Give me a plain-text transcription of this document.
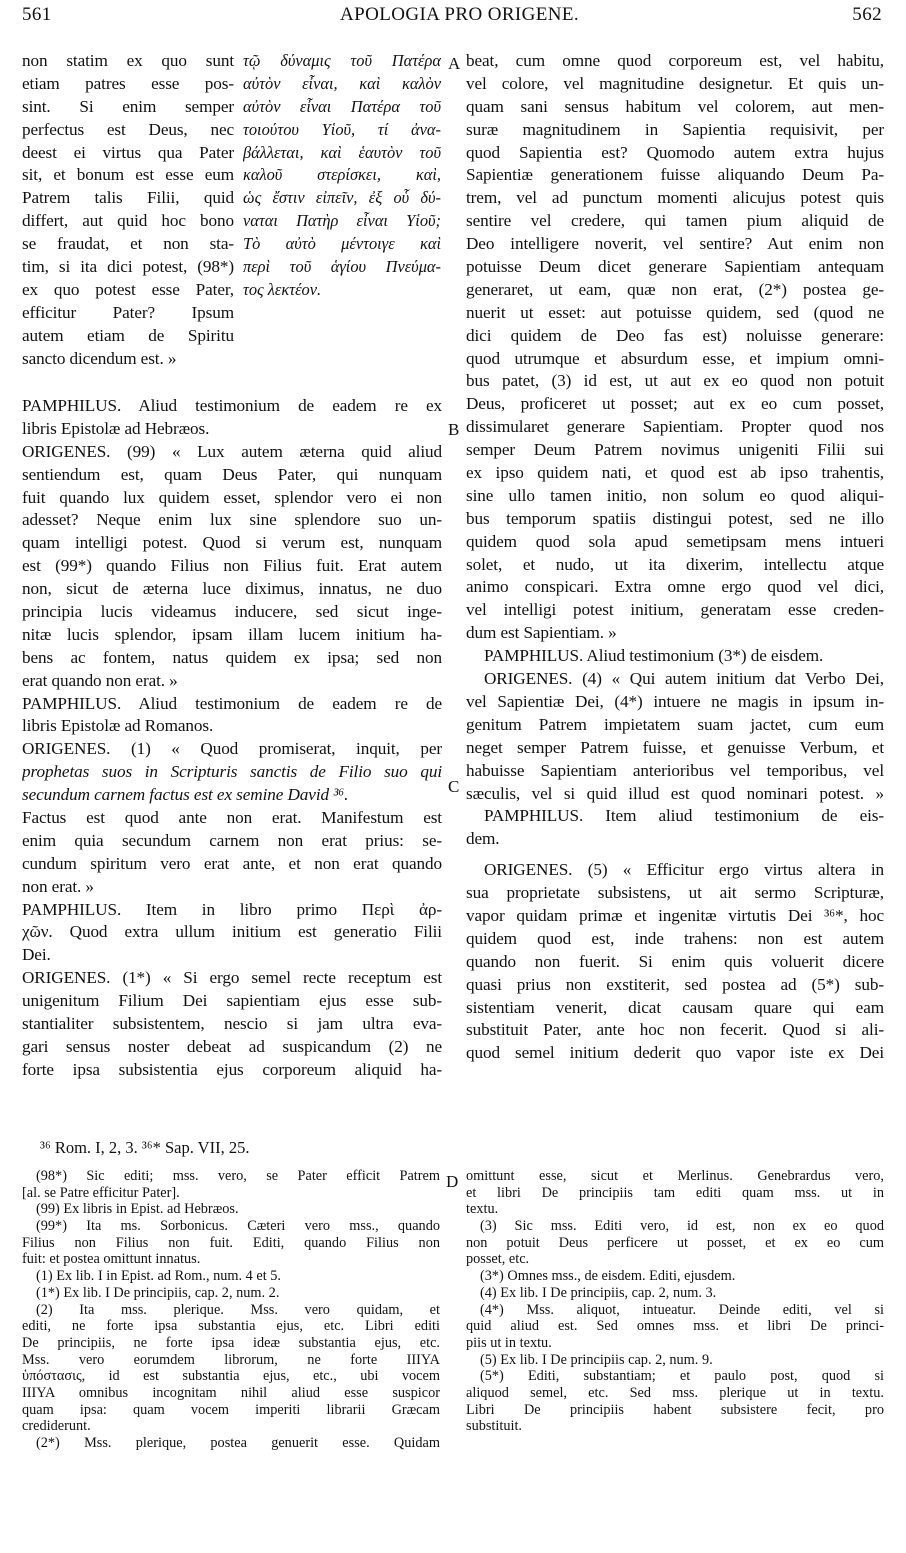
561	APOLOGIA PRO ORIGENE.	562
A
B
C
D
non statim ex quo sunt
etiam patres esse pos-
sint. Si enim semper
perfectus est Deus, nec
deest ei virtus qua Pater
sit, et bonum est esse eum
Patrem talis Filii, quid
differt, aut quid hoc bono
se fraudat, et non sta-
tim, si ita dici potest, (98*)
ex quo potest esse Pater,
efficitur Pater? Ipsum
autem etiam de Spiritu
sancto dicendum est. »
τῷ δύναμις τοῦ Πατέρα
αὐτὸν εἶναι, καὶ καλὸν
αὐτὸν εἶναι Πατέρα τοῦ
τοιούτου Υἱοῦ, τί ἀνα-
βάλλεται, καὶ ἑαυτὸν τοῦ
καλοῦ στερίσκει, καὶ,
ὡς ἔστιν εἰπεῖν, ἐξ οὗ δύ-
ναται Πατὴρ εἶναι Υἱοῦ;
Τὸ αὐτὸ μέντοιγε καὶ
περὶ τοῦ ἁγίου Πνεύμα-
τος λεκτέον.
PAMPHILUS. Aliud testimonium de eadem re ex
libris Epistolæ ad Hebræos.
ORIGENES. (99) « Lux autem æterna quid aliud
sentiendum est, quam Deus Pater, qui nunquam
fuit quando lux quidem esset, splendor vero ei non
adesset? Neque enim lux sine splendore suo un-
quam intelligi potest. Quod si verum est, nunquam
est (99*) quando Filius non Filius fuit. Erat autem
non, sicut de æterna luce diximus, innatus, ne duo
principia lucis videamus inducere, sed sicut inge-
nitæ lucis splendor, ipsam illam lucem initium ha-
bens ac fontem, natus quidem ex ipsa; sed non
erat quando non erat. »
PAMPHILUS. Aliud testimonium de eadem re de
libris Epistolæ ad Romanos.
ORIGENES. (1) « Quod promiserat, inquit, per
prophetas suos in Scripturis sanctis de Filio suo qui
secundum carnem factus est ex semine David ³⁶.
Factus est quod ante non erat. Manifestum est
enim quia secundum carnem non erat prius: se-
cundum spiritum vero erat ante, et non erat quando
non erat. »
PAMPHILUS. Item in libro primo Περὶ ἀρ-
χῶν. Quod extra ullum initium est generatio Filii
Dei.
ORIGENES. (1*) « Si ergo semel recte receptum est
unigenitum Filium Dei sapientiam ejus esse sub-
stantialiter subsistentem, nescio si jam ultra eva-
gari sensus noster debeat ad suspicandum (2) ne
forte ipsa subsistentia ejus corporeum aliquid ha-
³⁶ Rom. I, 2, 3. ³⁶* Sap. VII, 25.
beat, cum omne quod corporeum est, vel habitu,
vel colore, vel magnitudine designetur. Et quis un-
quam sani sensus habitum vel colorem, aut men-
suræ magnitudinem in Sapientia requisivit, per
quod Sapientia est? Quomodo autem extra hujus
Sapientiæ generationem fuisse aliquando Deum Pa-
trem, vel ad punctum momenti alicujus potest quis
sentire vel credere, qui tamen pium aliquid de
Deo intelligere noverit, vel sentire? Aut enim non
potuisse Deum dicet generare Sapientiam antequam
generaret, ut eam, quæ non erat, (2*) postea ge-
nuerit ut esset: aut potuisse quidem, sed (quod ne
dici quidem de Deo fas est) noluisse generare:
quod utrumque et absurdum esse, et impium omni-
bus patet, (3) id est, ut aut ex eo quod non potuit
Deus, proficeret ut posset; aut ex eo cum posset,
dissimularet generare Sapientiam. Propter quod nos
semper Deum Patrem novimus unigeniti Filii sui
ex ipso quidem nati, et quod est ab ipso trahentis,
sine ullo tamen initio, non solum eo quod aliqui-
bus temporum spatiis distingui potest, sed ne illo
quidem quod sola apud semetipsam mens intueri
solet, et nudo, ut ita dixerim, intellectu atque
animo conspicari. Extra omne ergo quod vel dici,
vel intelligi potest initium, generatam esse creden-
dum est Sapientiam. »
PAMPHILUS. Aliud testimonium (3*) de eisdem.
ORIGENES. (4) « Qui autem initium dat Verbo Dei,
vel Sapientiæ Dei, (4*) intuere ne magis in ipsum in-
genitum Patrem impietatem suam jactet, cum eum
neget semper Patrem fuisse, et genuisse Verbum, et
habuisse Sapientiam anterioribus vel temporibus, vel
sæculis, vel si quid illud est quod nominari potest. »
PAMPHILUS. Item aliud testimonium de eis-
dem.
ORIGENES. (5) « Efficitur ergo virtus altera in
sua proprietate subsistens, ut ait sermo Scripturæ,
vapor quidam primæ et ingenitæ virtutis Dei ³⁶*, hoc
quidem quod est, inde trahens: non est autem
quando non fuerit. Si enim quis voluerit dicere
quasi prius non exstiterit, sed postea ad (5*) sub-
sistentiam venerit, dicat causam quare qui eam
substituit Pater, ante hoc non fecerit. Quod si ali-
quod semel initium dederit quo vapor iste ex Dei
(98*) Sic editi; mss. vero, se Pater efficit Patrem
[al. se Patre efficitur Pater].
(99) Ex libris in Epist. ad Hebræos.
(99*) Ita ms. Sorbonicus. Cæteri vero mss., quando
Filius non Filius non fuit. Editi, quando Filius non
fuit: et postea omittunt innatus.
(1) Ex lib. I in Epist. ad Rom., num. 4 et 5.
(1*) Ex lib. I De principiis, cap. 2, num. 2.
(2) Ita mss. plerique. Mss. vero quidam, et
editi, ne forte ipsa substantia ejus, etc. Libri editi
De principiis, ne forte ipsa ideæ substantia ejus, etc.
Mss. vero eorumdem librorum, ne forte IIIYA
ὑπόστασις, id est substantia ejus, etc., ubi vocem
IIIYA omnibus incognitam nihil aliud esse suspicor
quam ipsa: quam vocem imperiti librarii Græcam
crediderunt.
(2*) Mss. plerique, postea genuerit esse. Quidam
omittunt esse, sicut et Merlinus. Genebrardus vero,
et libri De principiis tam editi quam mss. ut in
textu.
(3) Sic mss. Editi vero, id est, non ex eo quod
non potuit Deus perficere ut posset, et ex eo cum
posset, etc.
(3*) Omnes mss., de eisdem. Editi, ejusdem.
(4) Ex lib. I De principiis, cap. 2, num. 3.
(4*) Mss. aliquot, intueatur. Deinde editi, vel si
quid aliud est. Sed omnes mss. et libri De princi-
piis ut in textu.
(5) Ex lib. I De principiis cap. 2, num. 9.
(5*) Editi, substantiam; et paulo post, quod si
aliquod semel, etc. Sed mss. plerique ut in textu.
Libri De principiis habent subsistere fecit, pro
substituit.
